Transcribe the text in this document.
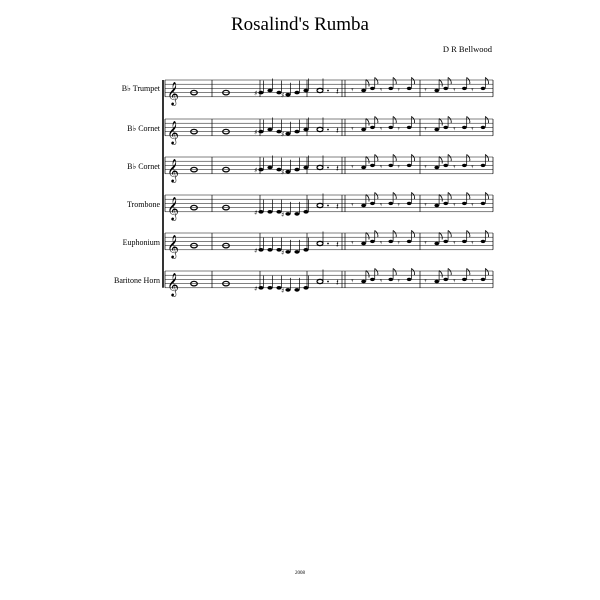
Rosalind's Rumba
D R Bellwood
B♭ Trumpet
B♭ Cornet
B♭ Cornet
Trombone
Euphonium
Baritone Horn
𝄞	♯	♯	𝄽 𝄾	𝄾 𝄾	𝄾	𝄾 𝄾
𝄞	♯	♯	𝄽 𝄾	𝄾 𝄾	𝄾	𝄾 𝄾
𝄞	♯	♯	𝄽 𝄾	𝄾 𝄾	𝄾	𝄾 𝄾
𝄞	♯	♯
𝄽 𝄾	𝄾 𝄾	𝄾	𝄾 𝄾
𝄞	♯	♯
𝄽 𝄾	𝄾 𝄾	𝄾	𝄾 𝄾
𝄞	♯	♯
𝄽 𝄾	𝄾 𝄾	𝄾	𝄾 𝄾
2008
